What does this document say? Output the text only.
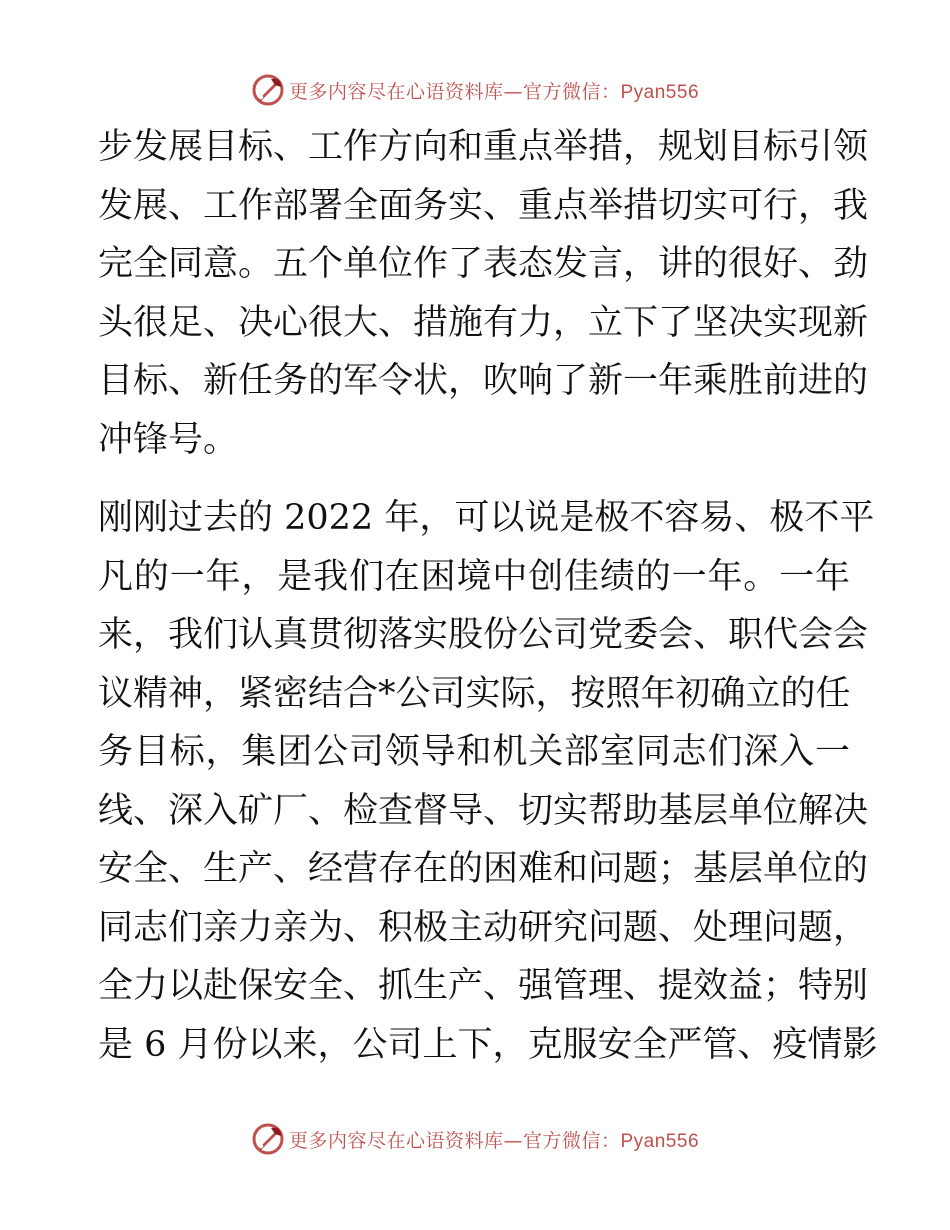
更多内容尽在心语资料库—官方微信：Pyan556

步发展目标、工作方向和重点举措，规划目标引领
发展、工作部署全面务实、重点举措切实可行，我
完全同意。五个单位作了表态发言，讲的很好、劲
头很足、决心很大、措施有力，立下了坚决实现新
目标、新任务的军令状，吹响了新一年乘胜前进的
冲锋号。

刚刚过去的 2022 年，可以说是极不容易、极不平
凡的一年，是我们在困境中创佳绩的一年。一年
来，我们认真贯彻落实股份公司党委会、职代会会
议精神，紧密结合*公司实际，按照年初确立的任
务目标，集团公司领导和机关部室同志们深入一
线、深入矿厂、检查督导、切实帮助基层单位解决
安全、生产、经营存在的困难和问题；基层单位的
同志们亲力亲为、积极主动研究问题、处理问题，
全力以赴保安全、抓生产、强管理、提效益；特别
是 6 月份以来，公司上下，克服安全严管、疫情影

更多内容尽在心语资料库—官方微信：Pyan556
